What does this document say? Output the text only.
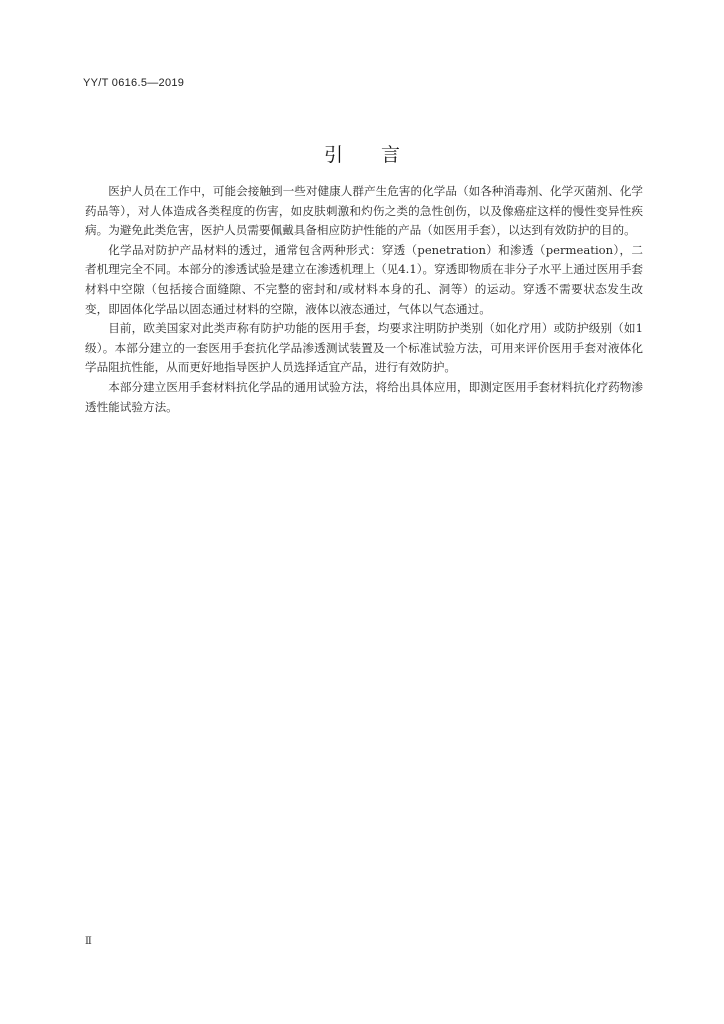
YY/T 0616.5—2019
引言

医护人员在工作中，可能会接触到一些对健康人群产生危害的化学品（如各种消毒剂、化学灭菌剂、化学药品等），对人体造成各类程度的伤害，如皮肤刺激和灼伤之类的急性创伤，以及像癌症这样的慢性变异性疾病。为避免此类危害，医护人员需要佩戴具备相应防护性能的产品（如医用手套），以达到有效防护的目的。

化学品对防护产品材料的透过，通常包含两种形式：穿透（penetration）和渗透（permeation），二者机理完全不同。本部分的渗透试验是建立在渗透机理上（见4.1）。穿透即物质在非分子水平上通过医用手套材料中空隙（包括接合面缝隙、不完整的密封和/或材料本身的孔、洞等）的运动。穿透不需要状态发生改变，即固体化学品以固态通过材料的空隙，液体以液态通过，气体以气态通过。

目前，欧美国家对此类声称有防护功能的医用手套，均要求注明防护类别（如化疗用）或防护级别（如1级）。本部分建立的一套医用手套抗化学品渗透测试装置及一个标准试验方法，可用来评价医用手套对液体化学品阻抗性能，从而更好地指导医护人员选择适宜产品，进行有效防护。

本部分建立医用手套材料抗化学品的通用试验方法，将给出具体应用，即测定医用手套材料抗化疗药物渗透性能试验方法。

Ⅱ
